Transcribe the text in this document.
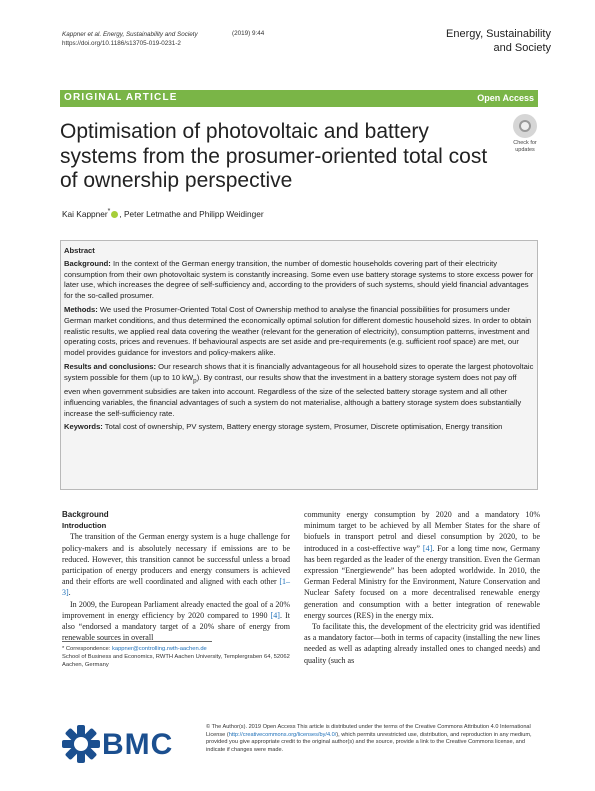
Kappner et al. Energy, Sustainability and Society
https://doi.org/10.1186/s13705-019-0231-2
(2019) 9:44	Energy, Sustainability
and Society
ORIGINAL ARTICLE	Open Access
Optimisation of photovoltaic and battery systems from the prosumer-oriented total cost of ownership perspective
Check for
updates
Kai Kappner* , Peter Letmathe and Philipp Weidinger
Abstract

Background: In the context of the German energy transition, the number of domestic households covering part of their electricity consumption from their own photovoltaic system is constantly increasing. Some even use battery storage systems to store excess power for later use, which increases the degree of self-sufficiency and, according to the providers of such systems, should yield financial advantages for the so-called prosumer.

Methods: We used the Prosumer-Oriented Total Cost of Ownership method to analyse the financial possibilities for prosumers under German market conditions, and thus determined the economically optimal solution for different domestic household sizes. In order to obtain realistic results, we applied real data covering the weather (relevant for the generation of electricity), consumption patterns, investment and operating costs, prices and revenues. If behavioural aspects are set aside and pre-requirements (e.g. sufficient roof space) are met, our model provides guidance for investors and policy-makers alike.

Results and conclusions: Our research shows that it is financially advantageous for all household sizes to operate the largest photovoltaic system possible for them (up to 10 $kW_p$). By contrast, our results show that the investment in a battery storage system does not pay off even when government subsidies are taken into account. Regardless of the size of the selected battery storage system and all other influencing variables, the financial advantages of such a system do not materialise, although a battery storage system does substantially increase the self-sufficiency rate.

Keywords: Total cost of ownership, PV system, Battery energy storage system, Prosumer, Discrete optimisation, Energy transition

Background
Introduction

The transition of the German energy system is a huge challenge for policy-makers and is absolutely necessary if emissions are to be reduced. However, this transition cannot be successful unless a broad participation of energy producers and energy consumers is achieved and their efforts are well coordinated and aligned with each other [1–3].

In 2009, the European Parliament already enacted the goal of a 20% improvement in energy efficiency by 2020 compared to 1990 [4]. It also “endorsed a mandatory target of a 20% share of energy from renewable sources in overall

community energy consumption by 2020 and a mandatory 10% minimum target to be achieved by all Member States for the share of biofuels in transport petrol and diesel consumption by 2020, to be introduced in a cost-effective way” [4]. For a long time now, Germany has been regarded as the leader of the energy transition. Even the German expression “Energiewende” has been adopted worldwide. In 2010, the German Federal Ministry for the Environment, Nature Conservation and Nuclear Safety focused on a more decentralised renewable energy generation and consumption with a better integration of renewable energy sources (RES) in the energy mix.

To facilitate this, the development of the electricity grid was identified as a mandatory factor—both in terms of capacity (installing the new lines needed as well as adapting already installed ones to changed needs) and quality (such as

* Correspondence: kappner@controlling.rwth-aachen.de
School of Business and Economics, RWTH Aachen University, Templergraben 64, 52062 Aachen, Germany
BMC
© The Author(s). 2019 Open Access This article is distributed under the terms of the Creative Commons Attribution 4.0 International License (http://creativecommons.org/licenses/by/4.0/), which permits unrestricted use, distribution, and reproduction in any medium, provided you give appropriate credit to the original author(s) and the source, provide a link to the Creative Commons license, and indicate if changes were made.
